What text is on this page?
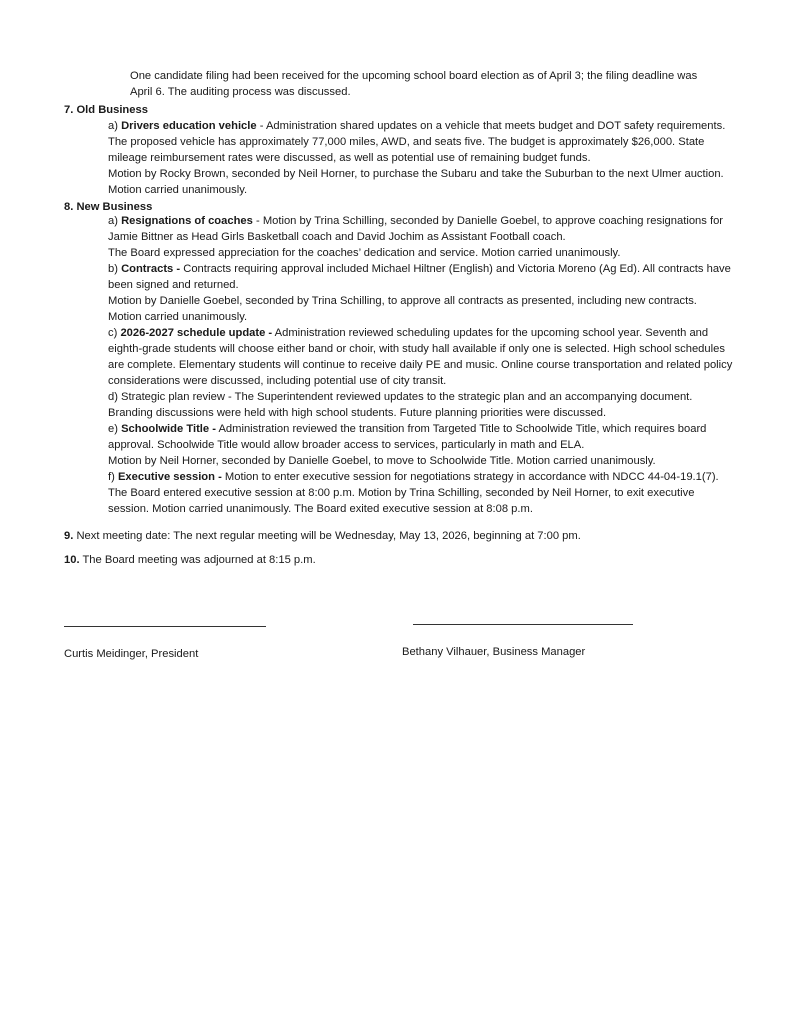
One candidate filing had been received for the upcoming school board election as of April 3; the filing deadline was

April 6. The auditing process was discussed.

7. Old Business

a) Drivers education vehicle - Administration shared updates on a vehicle that meets budget and DOT safety requirements. The proposed vehicle has approximately 77,000 miles, AWD, and seats five. The budget is approximately $26,000. State mileage reimbursement rates were discussed, as well as potential use of remaining budget funds.

Motion by Rocky Brown, seconded by Neil Horner, to purchase the Subaru and take the Suburban to the next Ulmer auction. Motion carried unanimously.

8. New Business

a) Resignations of coaches - Motion by Trina Schilling, seconded by Danielle Goebel, to approve coaching resignations for Jamie Bittner as Head Girls Basketball coach and David Jochim as Assistant Football coach.

The Board expressed appreciation for the coaches’ dedication and service. Motion carried unanimously.

b) Contracts - Contracts requiring approval included Michael Hiltner (English) and Victoria Moreno (Ag Ed). All contracts have been signed and returned.

Motion by Danielle Goebel, seconded by Trina Schilling, to approve all contracts as presented, including new contracts. Motion carried unanimously.

c) 2026-2027 schedule update - Administration reviewed scheduling updates for the upcoming school year. Seventh and eighth-grade students will choose either band or choir, with study hall available if only one is selected. High school schedules are complete. Elementary students will continue to receive daily PE and music. Online course transportation and related policy considerations were discussed, including potential use of city transit.

d) Strategic plan review - The Superintendent reviewed updates to the strategic plan and an accompanying document. Branding discussions were held with high school students. Future planning priorities were discussed.

e) Schoolwide Title - Administration reviewed the transition from Targeted Title to Schoolwide Title, which requires board approval. Schoolwide Title would allow broader access to services, particularly in math and ELA.

Motion by Neil Horner, seconded by Danielle Goebel, to move to Schoolwide Title. Motion carried unanimously.

f) Executive session - Motion to enter executive session for negotiations strategy in accordance with NDCC 44-04-19.1(7). The Board entered executive session at 8:00 p.m. Motion by Trina Schilling, seconded by Neil Horner, to exit executive session. Motion carried unanimously. The Board exited executive session at 8:08 p.m.

9. Next meeting date: The next regular meeting will be Wednesday, May 13, 2026, beginning at 7:00 pm.
10. The Board meeting was adjourned at 8:15 p.m.
Curtis Meidinger, President	Bethany Vilhauer, Business Manager
